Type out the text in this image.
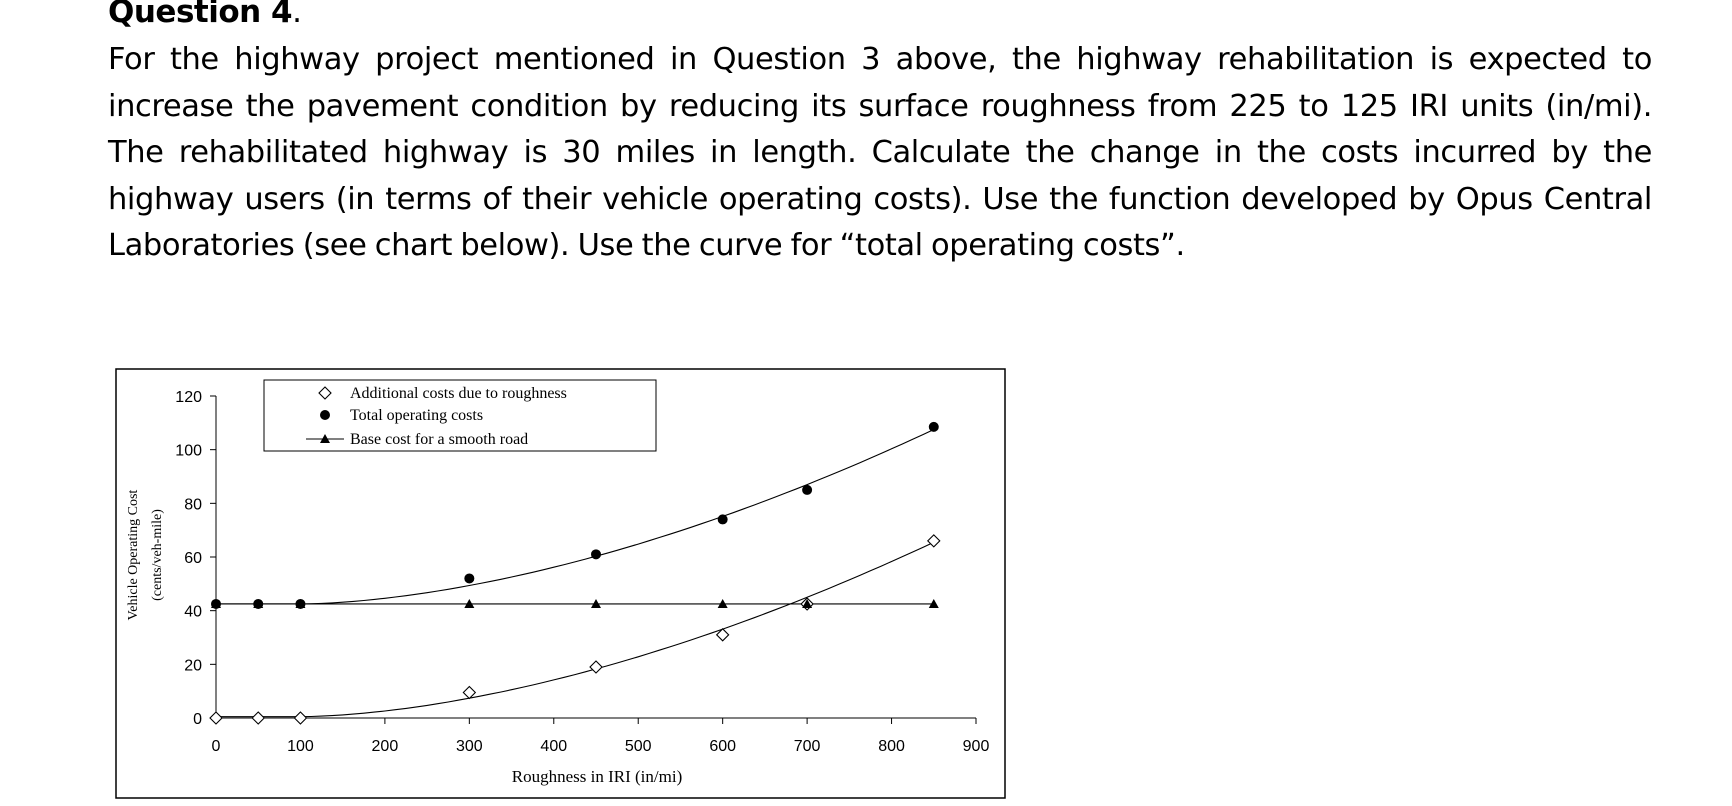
Question 4.

For the highway project mentioned in Question 3 above, the highway rehabilitation is expected to increase the pavement condition by reducing its surface roughness from 225 to 125 IRI units (in/mi). The rehabilitated highway is 30 miles in length. Calculate the change in the costs incurred by the highway users (in terms of their vehicle operating costs). Use the function developed by Opus Central Laboratories (see chart below). Use the curve for “total operating costs”.

Vehicle Operating Cost (cents/veh-mile)
Roughness in IRI (in/mi)
0
20
40
60
80
100
120
0	100	200	300	400	500	600	700	800	900
Additional costs due to roughness
Total operating costs
Base cost for a smooth road
